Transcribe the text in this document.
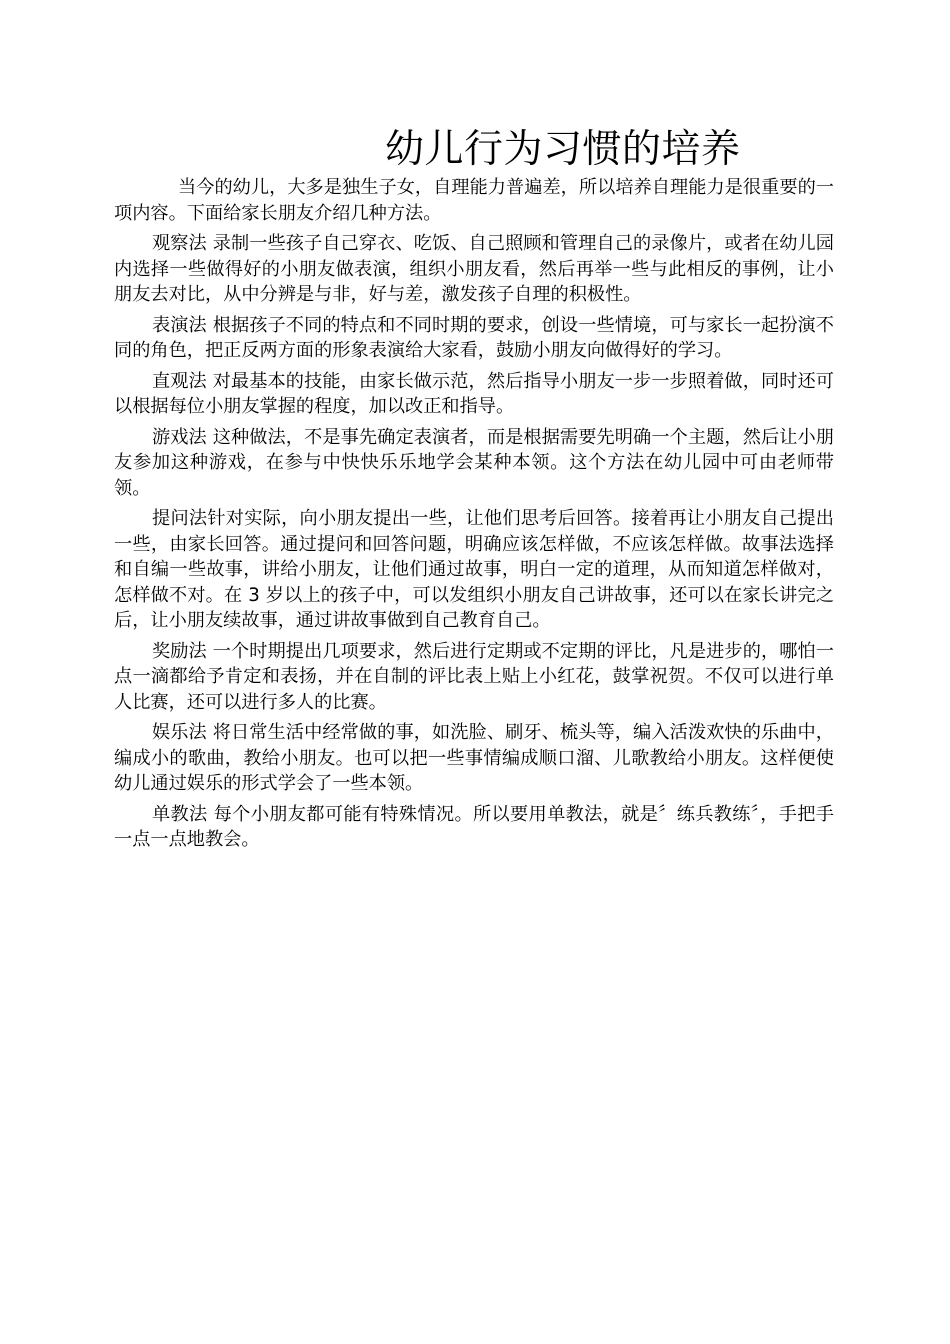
幼儿行为习惯的培养

当今的幼儿，大多是独生子女，自理能力普遍差，所以培养自理能力是很重要的一项内容。下面给家长朋友介绍几种方法。

观察法 录制一些孩子自己穿衣、吃饭、自己照顾和管理自己的录像片，或者在幼儿园内选择一些做得好的小朋友做表演，组织小朋友看，然后再举一些与此相反的事例，让小朋友去对比，从中分辨是与非，好与差，激发孩子自理的积极性。

表演法 根据孩子不同的特点和不同时期的要求，创设一些情境，可与家长一起扮演不同的角色，把正反两方面的形象表演给大家看，鼓励小朋友向做得好的学习。

直观法 对最基本的技能，由家长做示范，然后指导小朋友一步一步照着做，同时还可以根据每位小朋友掌握的程度，加以改正和指导。

游戏法 这种做法，不是事先确定表演者，而是根据需要先明确一个主题，然后让小朋友参加这种游戏，在参与中快快乐乐地学会某种本领。这个方法在幼儿园中可由老师带领。

提问法针对实际，向小朋友提出一些，让他们思考后回答。接着再让小朋友自己提出一些，由家长回答。通过提问和回答问题，明确应该怎样做，不应该怎样做。故事法选择和自编一些故事，讲给小朋友，让他们通过故事，明白一定的道理，从而知道怎样做对，怎样做不对。在 3 岁以上的孩子中，可以发组织小朋友自己讲故事，还可以在家长讲完之后，让小朋友续故事，通过讲故事做到自己教育自己。

奖励法 一个时期提出几项要求，然后进行定期或不定期的评比，凡是进步的，哪怕一点一滴都给予肯定和表扬，并在自制的评比表上贴上小红花，鼓掌祝贺。不仅可以进行单人比赛，还可以进行多人的比赛。

娱乐法 将日常生活中经常做的事，如洗脸、刷牙、梳头等，编入活泼欢快的乐曲中，编成小的歌曲，教给小朋友。也可以把一些事情编成顺口溜、儿歌教给小朋友。这样便使幼儿通过娱乐的形式学会了一些本领。

单教法 每个小朋友都可能有特殊情况。所以要用单教法，就是〞练兵教练〞，手把手一点一点地教会。
